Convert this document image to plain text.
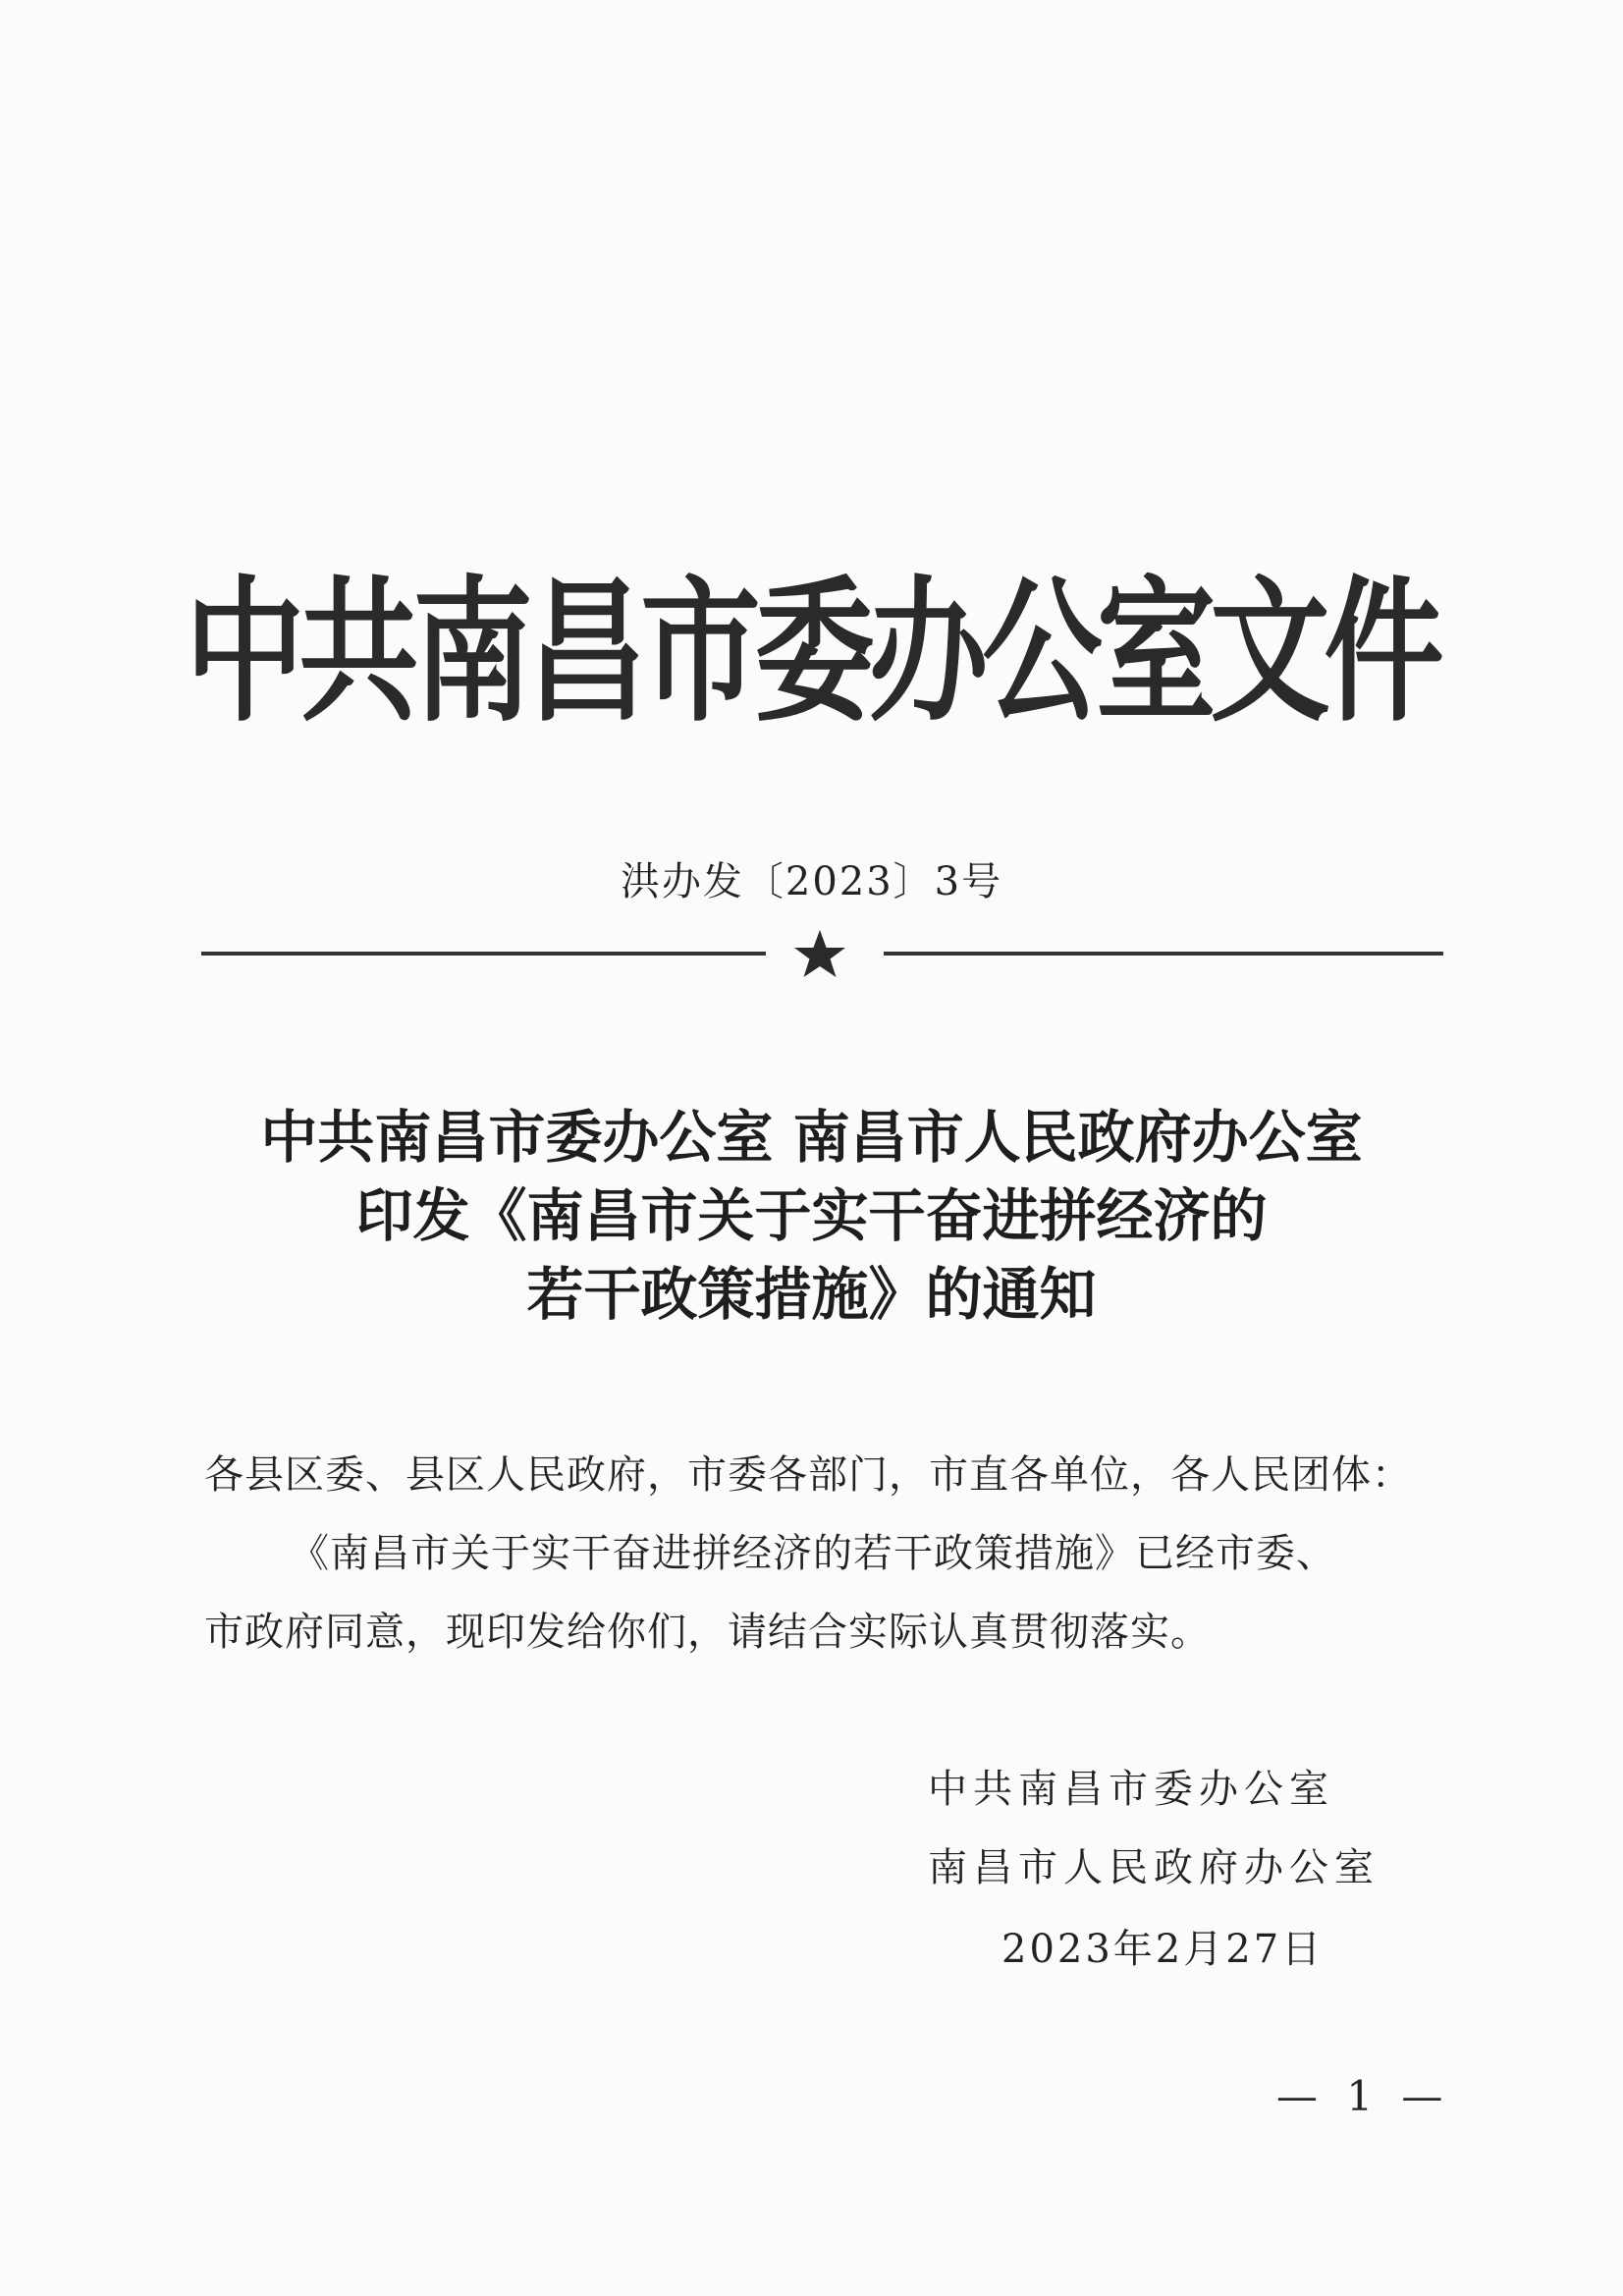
中共南昌市委办公室文件
洪办发〔2023〕3号
中共南昌市委办公室 南昌市人民政府办公室
印发《南昌市关于实干奋进拼经济的
若干政策措施》的通知
各县区委、县区人民政府，市委各部门，市直各单位，各人民团体：
《南昌市关于实干奋进拼经济的若干政策措施》已经市委、
市政府同意，现印发给你们，请结合实际认真贯彻落实。
中共南昌市委办公室
南昌市人民政府办公室
2023年2月27日
— 1 —
